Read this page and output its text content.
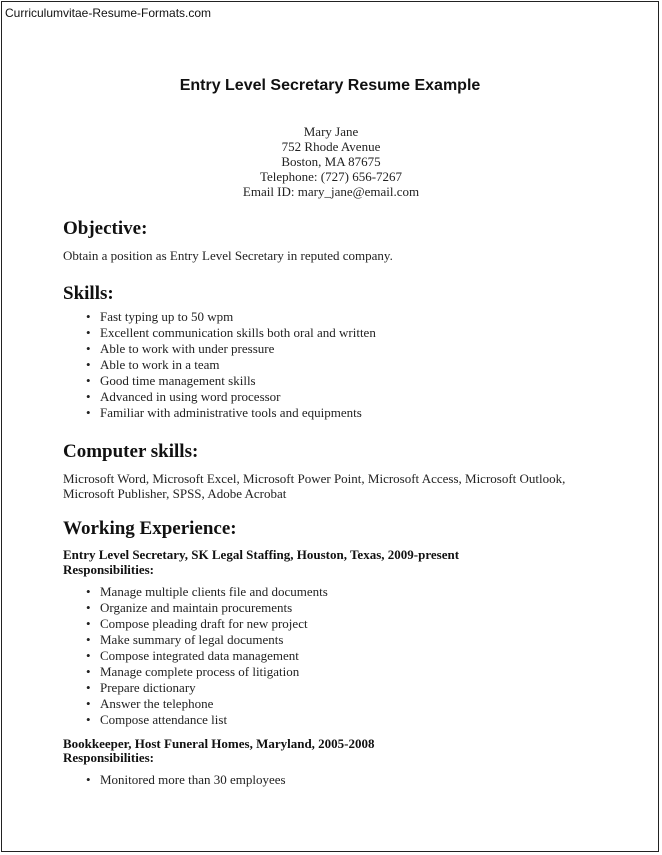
Curriculumvitae-Resume-Formats.com
Entry Level Secretary Resume Example
Mary Jane
752 Rhode Avenue
Boston, MA 87675
Telephone: (727) 656-7267
Email ID: mary_jane@email.com
Objective:
Obtain a position as Entry Level Secretary in reputed company.
Skills:
• Fast typing up to 50 wpm
• Excellent communication skills both oral and written
• Able to work with under pressure
• Able to work in a team
• Good time management skills
• Advanced in using word processor
• Familiar with administrative tools and equipments
Computer skills:
Microsoft Word, Microsoft Excel, Microsoft Power Point, Microsoft Access, Microsoft Outlook,
Microsoft Publisher, SPSS, Adobe Acrobat
Working Experience:
Entry Level Secretary, SK Legal Staffing, Houston, Texas, 2009-present
Responsibilities:
• Manage multiple clients file and documents
• Organize and maintain procurements
• Compose pleading draft for new project
• Make summary of legal documents
• Compose integrated data management
• Manage complete process of litigation
• Prepare dictionary
• Answer the telephone
• Compose attendance list
Bookkeeper, Host Funeral Homes, Maryland, 2005-2008
Responsibilities:
• Monitored more than 30 employees
